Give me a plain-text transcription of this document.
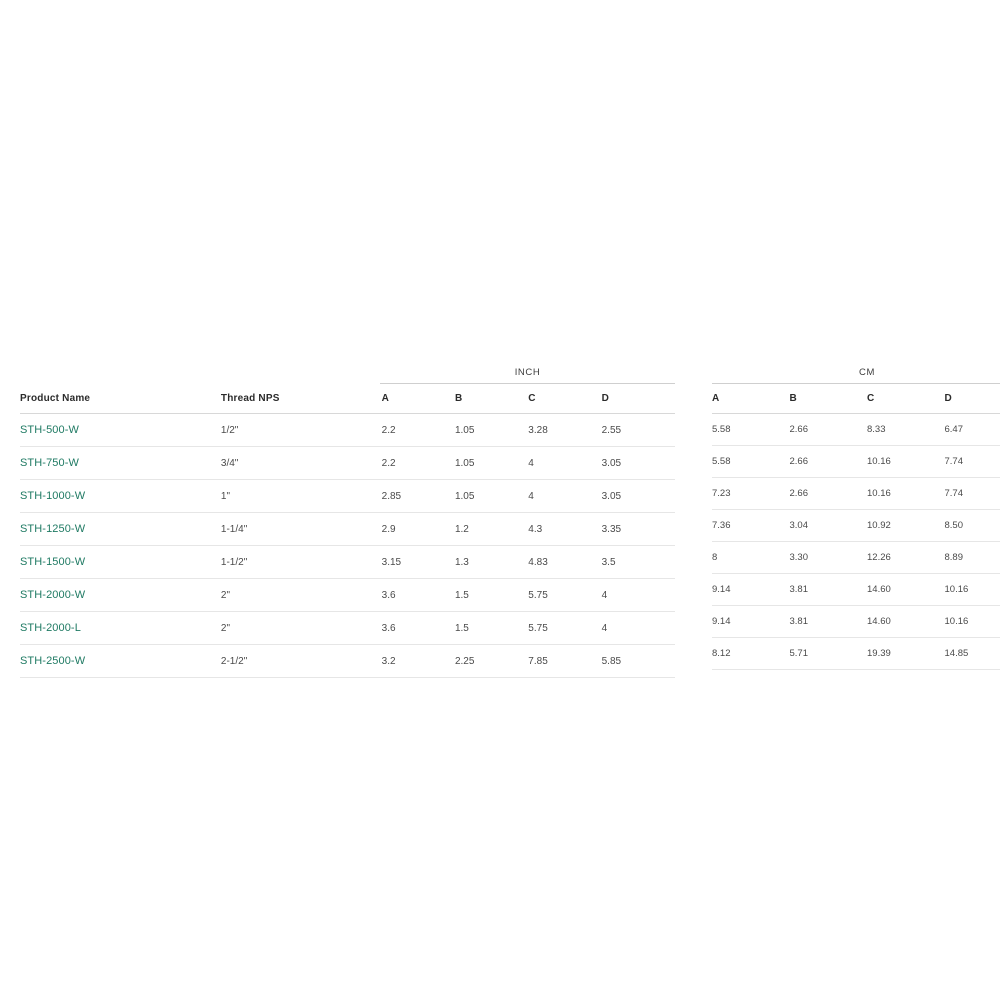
INCH
Product Name	Thread NPS	A	B	C	D
STH-500-W	1/2"	2.2	1.05	3.28	2.55
STH-750-W	3/4"	2.2	1.05	4	3.05
STH-1000-W	1"	2.85	1.05	4	3.05
STH-1250-W	1-1/4"	2.9	1.2	4.3	3.35
STH-1500-W	1-1/2"	3.15	1.3	4.83	3.5
STH-2000-W	2"	3.6	1.5	5.75	4
STH-2000-L	2"	3.6	1.5	5.75	4
STH-2500-W	2-1/2"	3.2	2.25	7.85	5.85
CM
A	B	C	D
5.58	2.66	8.33	6.47
5.58	2.66	10.16	7.74
7.23	2.66	10.16	7.74
7.36	3.04	10.92	8.50
8	3.30	12.26	8.89
9.14	3.81	14.60	10.16
9.14	3.81	14.60	10.16
8.12	5.71	19.39	14.85
